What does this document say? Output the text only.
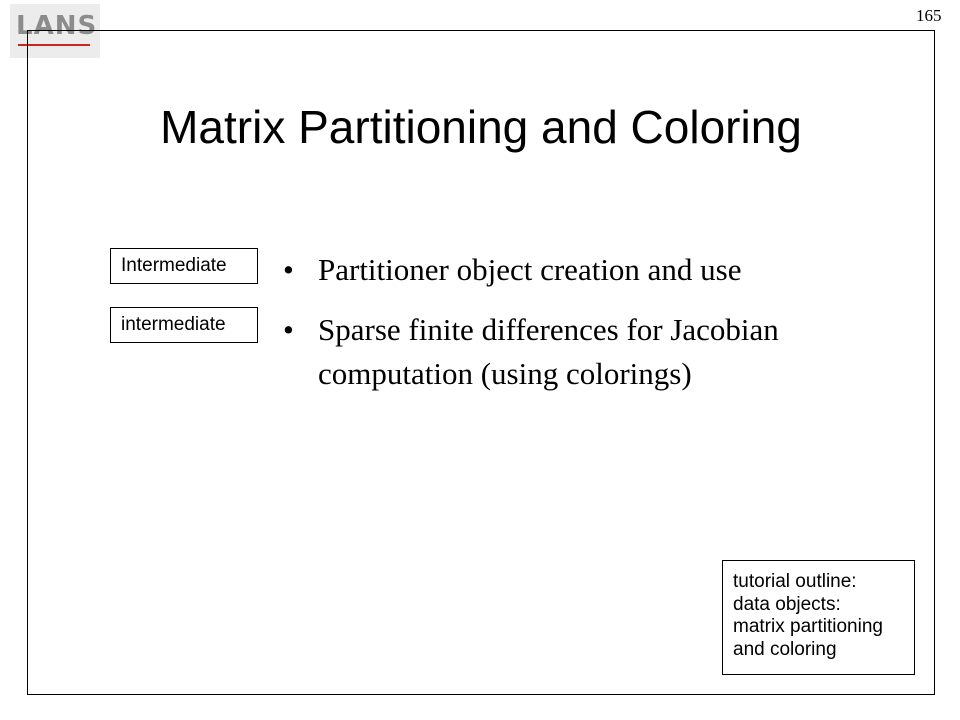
LANS	165
Matrix Partitioning and Coloring
Intermediate
intermediate
• Partitioner object creation and use
• Sparse finite differences for Jacobian computation (using colorings)
tutorial outline:
data objects:
matrix partitioning
and coloring
